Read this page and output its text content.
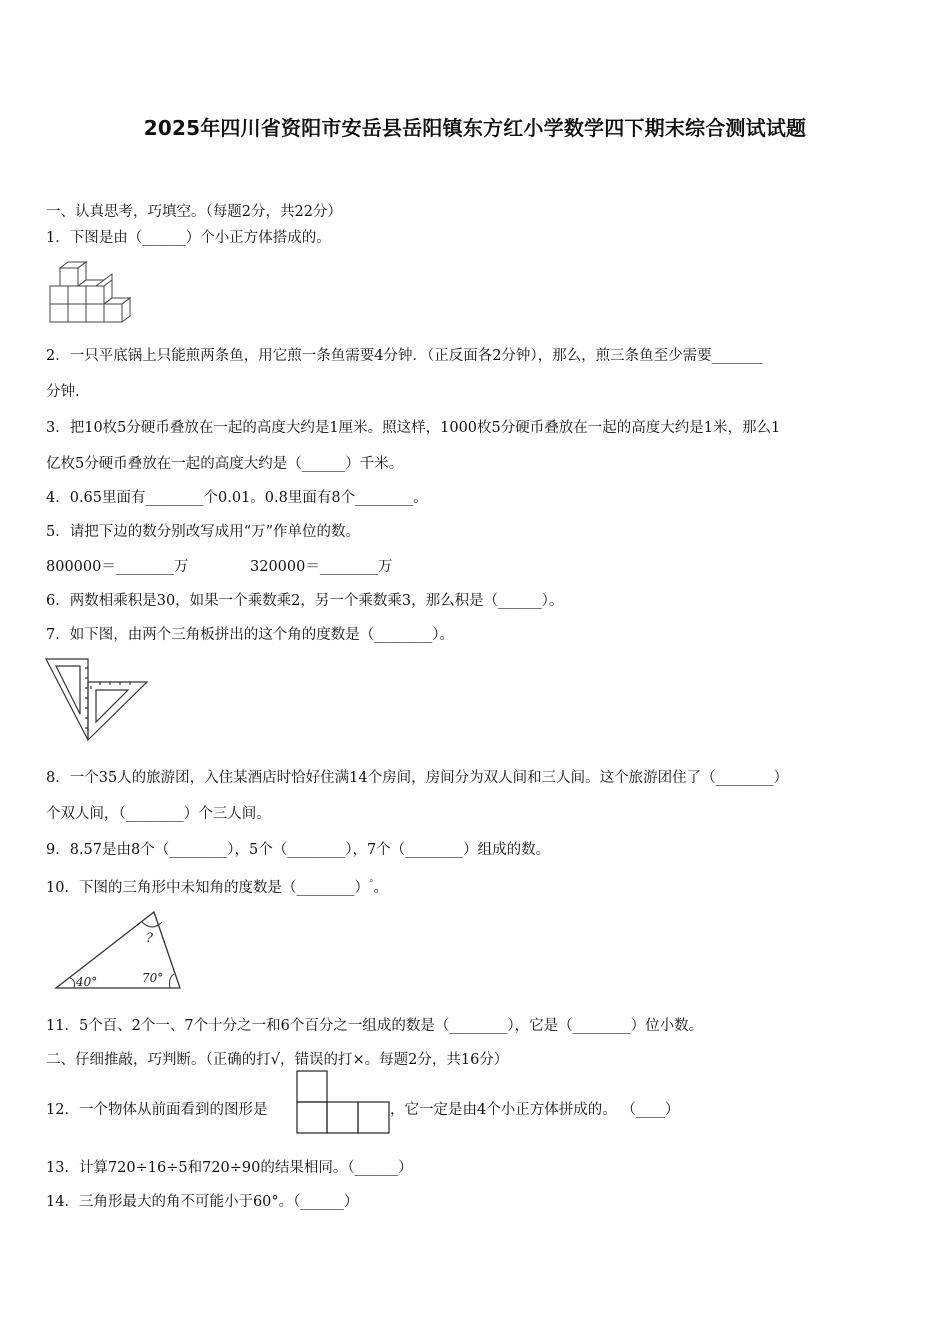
2025年四川省资阳市安岳县岳阳镇东方红小学数学四下期末综合测试试题
一、认真思考，巧填空。（每题2分，共22分）
1．下图是由（______）个小正方体搭成的。
2．一只平底锅上只能煎两条鱼，用它煎一条鱼需要4分钟．（正反面各2分钟），那么，煎三条鱼至少需要_______
分钟.
3．把10枚5分硬币叠放在一起的高度大约是1厘米。照这样，1000枚5分硬币叠放在一起的高度大约是1米，那么1
亿枚5分硬币叠放在一起的高度大约是（______）千米。
4．0.65里面有________个0.01。0.8里面有8个________。
5．请把下边的数分别改写成用“万”作单位的数。
800000＝________万	320000＝________万
6．两数相乘积是30，如果一个乘数乘2，另一个乘数乘3，那么积是（______）。
7．如下图，由两个三角板拼出的这个角的度数是（________）。
8．一个35人的旅游团，入住某酒店时恰好住满14个房间，房间分为双人间和三人间。这个旅游团住了（________）
个双人间，（________）个三人间。
9．8.57是由8个（________），5个（________），7个（________）组成的数。
10．下图的三角形中未知角的度数是（________）°。
?
40°	70°
11．5个百、2个一、7个十分之一和6个百分之一组成的数是（________），它是（________）位小数。
二、仔细推敲，巧判断。（正确的打√，错误的打×。每题2分，共16分）
12．一个物体从前面看到的图形是	，它一定是由4个小正方体拼成的。 （____）
13．计算720÷16÷5和720÷90的结果相同。（______）
14．三角形最大的角不可能小于60°。（______）
